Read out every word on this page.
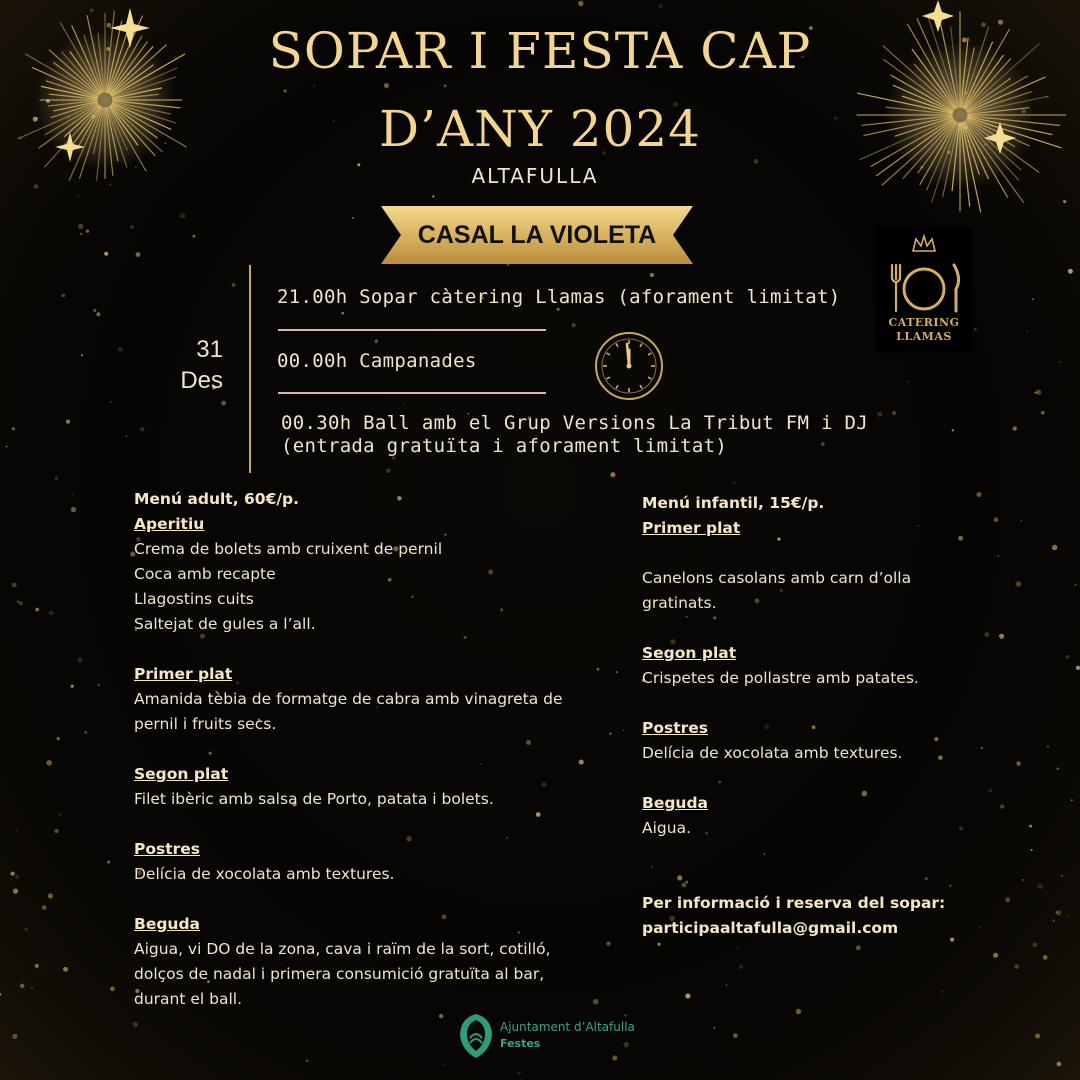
SOPAR I FESTA CAP
D’ANY 2024
ALTAFULLA
CASAL LA VIOLETA
31
Des
21.00h Sopar càtering Llamas (aforament limitat)
00.00h Campanades
00.30h Ball amb el Grup Versions La Tribut FM i DJ
(entrada gratuïta i aforament limitat)
CATERING
LLAMAS
Menú adult, 60€/p.
Aperitiu
Crema de bolets amb cruixent de pernil
Coca amb recapte
Llagostins cuits
Saltejat de gules a l’all.
Primer plat
Amanida tèbia de formatge de cabra amb vinagreta de
pernil i fruits secs.
Segon plat
Filet ibèric amb salsa de Porto, patata i bolets.
Postres
Delícia de xocolata amb textures.
Beguda
Aigua, vi DO de la zona, cava i raïm de la sort, cotilló,
dolços de nadal i primera consumició gratuïta al bar,
durant el ball.
Menú infantil, 15€/p.
Primer plat
Canelons casolans amb carn d’olla
gratinats.
Segon plat
Crispetes de pollastre amb patates.
Postres
Delícia de xocolata amb textures.
Beguda
Aigua.
Per informació i reserva del sopar:
participaaltafulla@gmail.com
Ajuntament d’Altafulla
Festes
